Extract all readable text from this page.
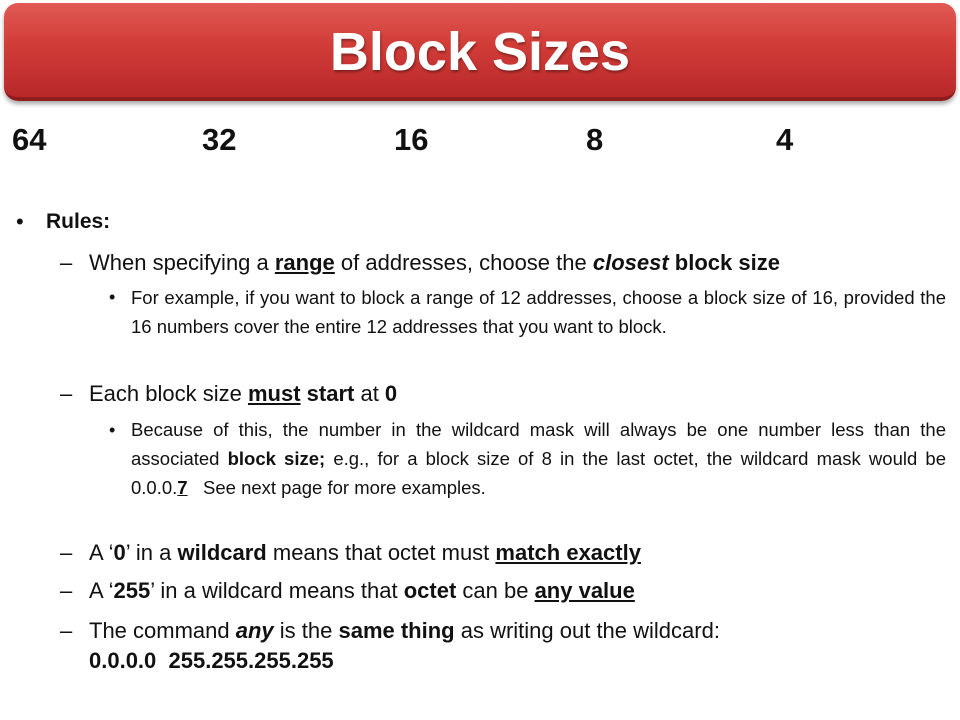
Block Sizes
64	32	16	8	4
• Rules:
– When specifying a range of addresses, choose the closest block size
• For example, if you want to block a range of 12 addresses, choose a block size of 16, provided the 16 numbers cover the entire 12 addresses that you want to block.
– Each block size must start at 0
• Because of this, the number in the wildcard mask will always be one number less than the associated block size; e.g., for a block size of 8 in the last octet, the wildcard mask would be 0.0.0.7   See next page for more examples.
– A ‘0’ in a wildcard means that octet must match exactly
– A ‘255’ in a wildcard means that octet can be any value
– The command any is the same thing as writing out the wildcard:
0.0.0.0  255.255.255.255
